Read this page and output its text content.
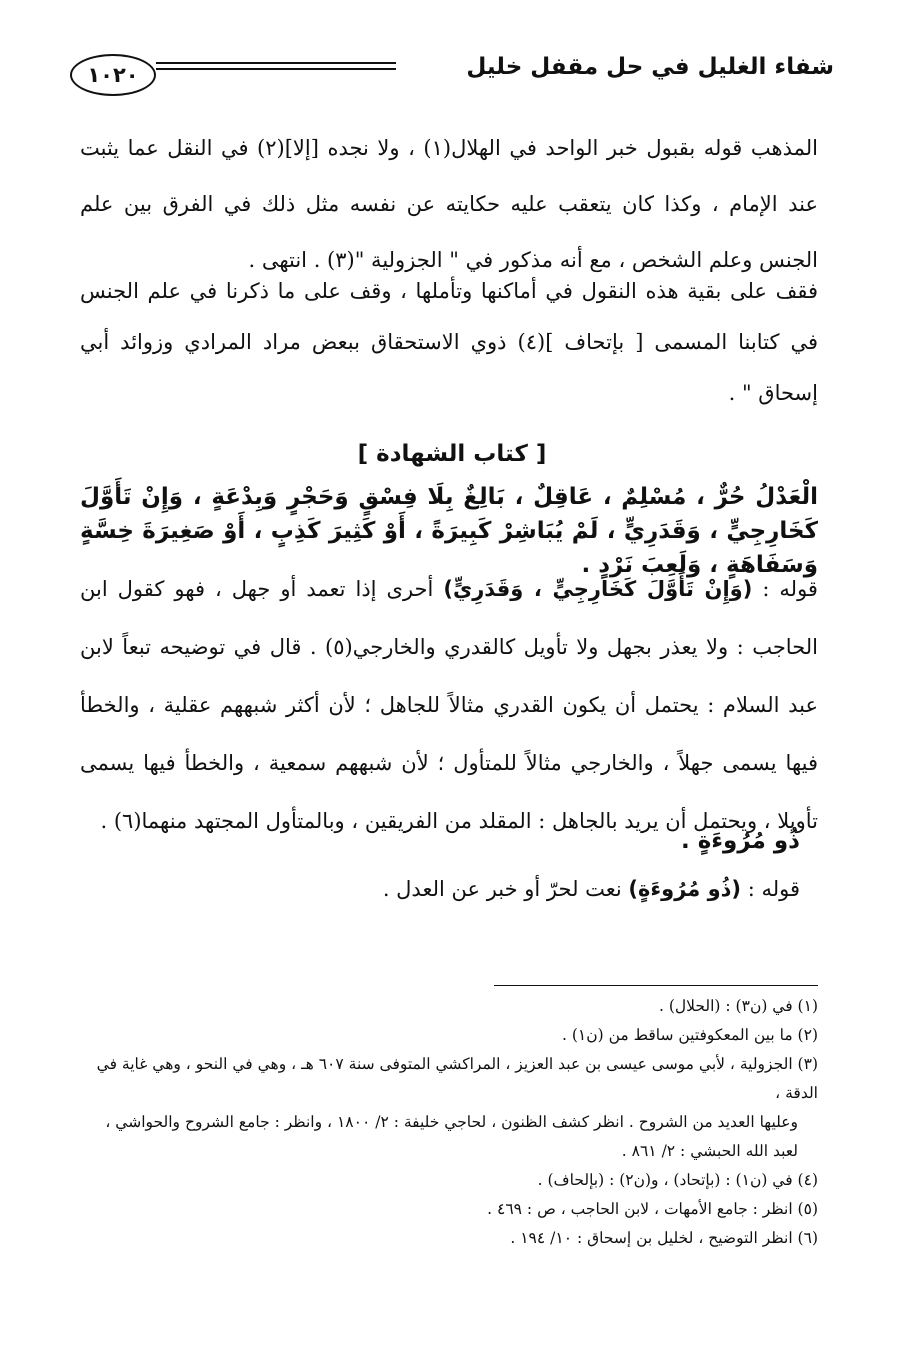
١٠٢٠	شفاء الغليل في حل مقفل خليل
المذهب قوله بقبول خبر الواحد في الهلال(١) ، ولا نجده [إلا](٢) في النقل عما يثبت عند الإمام ، وكذا كان يتعقب عليه حكايته عن نفسه مثل ذلك في الفرق بين علم الجنس وعلم الشخص ، مع أنه مذكور في " الجزولية "(٣) . انتهى .
فقف على بقية هذه النقول في أماكنها وتأملها ، وقف على ما ذكرنا في علم الجنس في كتابنا المسمى [ بإتحاف ](٤) ذوي الاستحقاق ببعض مراد المرادي وزوائد أبي إسحاق " .
[ كتاب الشهادة ]
الْعَدْلُ حُرٌّ ، مُسْلِمٌ ، عَاقِلٌ ، بَالِغٌ بِلَا فِسْقٍ وَحَجْرٍ وَبِدْعَةٍ ، وَإِنْ تَأَوَّلَ كَخَارِجِيٍّ ، وَقَدَرِيٍّ ، لَمْ يُبَاشِرْ كَبِيرَةً ، أَوْ كَثِيرَ كَذِبٍ ، أَوْ صَغِيرَةَ خِسَّةٍ وَسَفَاهَةٍ ، وَلَعِبَ نَرْدٍ .
قوله : (وَإِنْ تَأَوَّلَ كَخَارِجِيٍّ ، وَقَدَرِيٍّ) أحرى إذا تعمد أو جهل ، فهو كقول ابن الحاجب : ولا يعذر بجهل ولا تأويل كالقدري والخارجي(٥) . قال في توضيحه تبعاً لابن عبد السلام : يحتمل أن يكون القدري مثالاً للجاهل ؛ لأن أكثر شبههم عقلية ، والخطأ فيها يسمى جهلاً ، والخارجي مثالاً للمتأول ؛ لأن شبههم سمعية ، والخطأ فيها يسمى تأويلا ، ويحتمل أن يريد بالجاهل : المقلد من الفريقين ، وبالمتأول المجتهد منهما(٦) .
ذُو مُرُوءَةٍ .
قوله : (ذُو مُرُوءَةٍ) نعت لحرّ أو خبر عن العدل .
(١) في (ن٣) : (الحلال) .
(٢) ما بين المعكوفتين ساقط من (ن١) .
(٣) الجزولية ، لأبي موسى عيسى بن عبد العزيز ، المراكشي المتوفى سنة ٦٠٧ هـ ، وهي في النحو ، وهي غاية في الدقة ،
وعليها العديد من الشروح . انظر كشف الظنون ، لحاجي خليفة : ٢/ ١٨٠٠ ، وانظر : جامع الشروح والحواشي ،
لعبد الله الحبشي : ٢/ ٨٦١ .
(٤) في (ن١) : (بإتحاد) ، و(ن٢) : (بإلحاف) .
(٥) انظر : جامع الأمهات ، لابن الحاجب ، ص : ٤٦٩ .
(٦) انظر التوضيح ، لخليل بن إسحاق : ١٠/ ١٩٤ .
